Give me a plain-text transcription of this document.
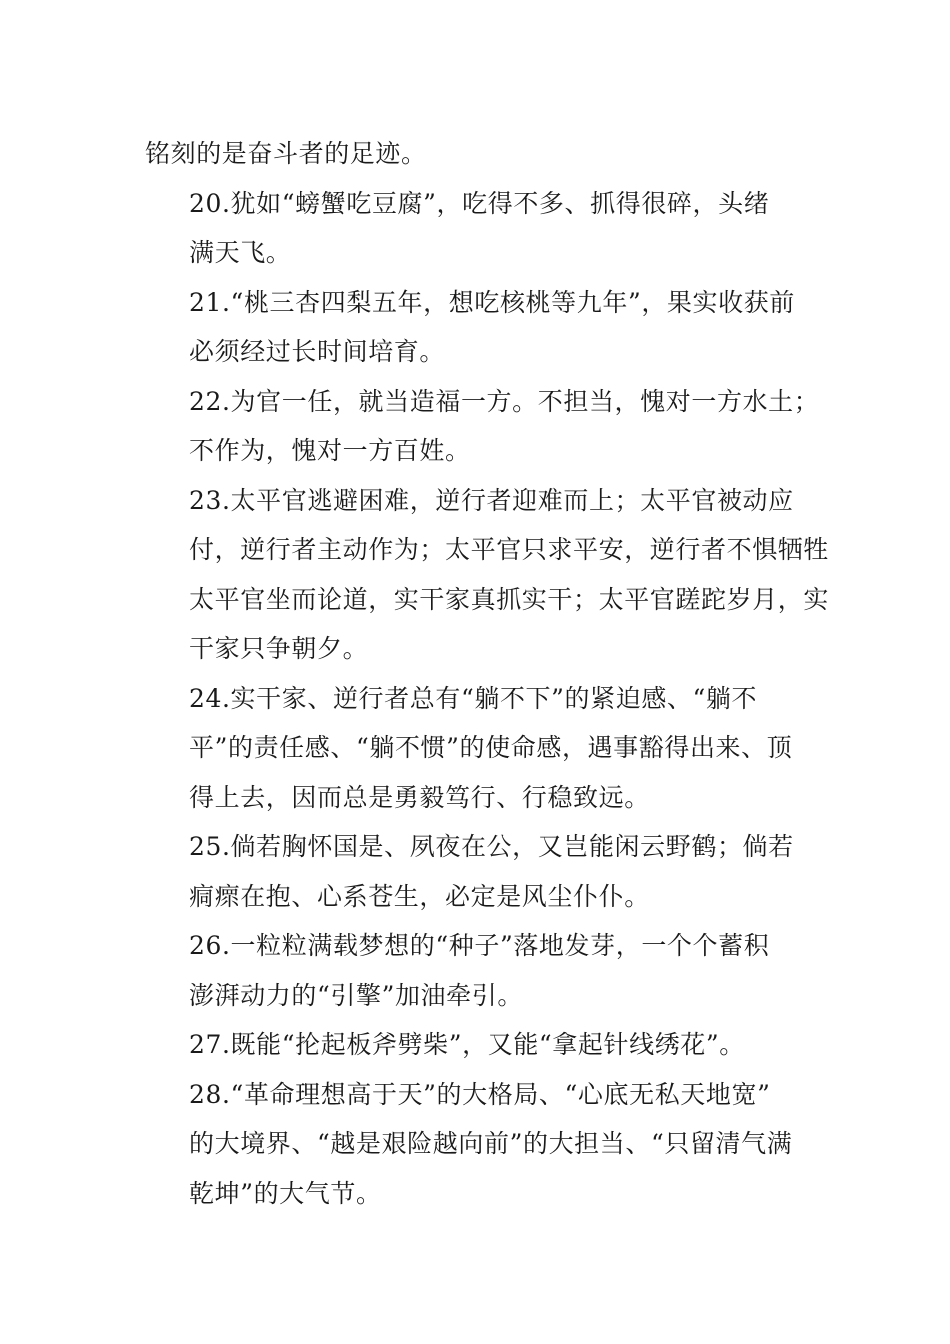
铭刻的是奋斗者的足迹。

20.犹如“螃蟹吃豆腐”，吃得不多、抓得很碎，头绪
满天飞。

21.“桃三杏四梨五年，想吃核桃等九年”，果实收获前
必须经过长时间培育。

22.为官一任，就当造福一方。不担当，愧对一方水土；
不作为，愧对一方百姓。

23.太平官逃避困难，逆行者迎难而上；太平官被动应
付，逆行者主动作为；太平官只求平安，逆行者不惧牺牲
太平官坐而论道，实干家真抓实干；太平官蹉跎岁月，实
干家只争朝夕。

24.实干家、逆行者总有“躺不下”的紧迫感、“躺不
平”的责任感、“躺不惯”的使命感，遇事豁得出来、顶
得上去，因而总是勇毅笃行、行稳致远。

25.倘若胸怀国是、夙夜在公，又岂能闲云野鹤；倘若
痌瘝在抱、心系苍生，必定是风尘仆仆。

26.一粒粒满载梦想的“种子”落地发芽，一个个蓄积
澎湃动力的“引擎”加油牵引。

27.既能“抡起板斧劈柴”，又能“拿起针线绣花”。

28.“革命理想高于天”的大格局、“心底无私天地宽”
的大境界、“越是艰险越向前”的大担当、“只留清气满
乾坤”的大气节。
